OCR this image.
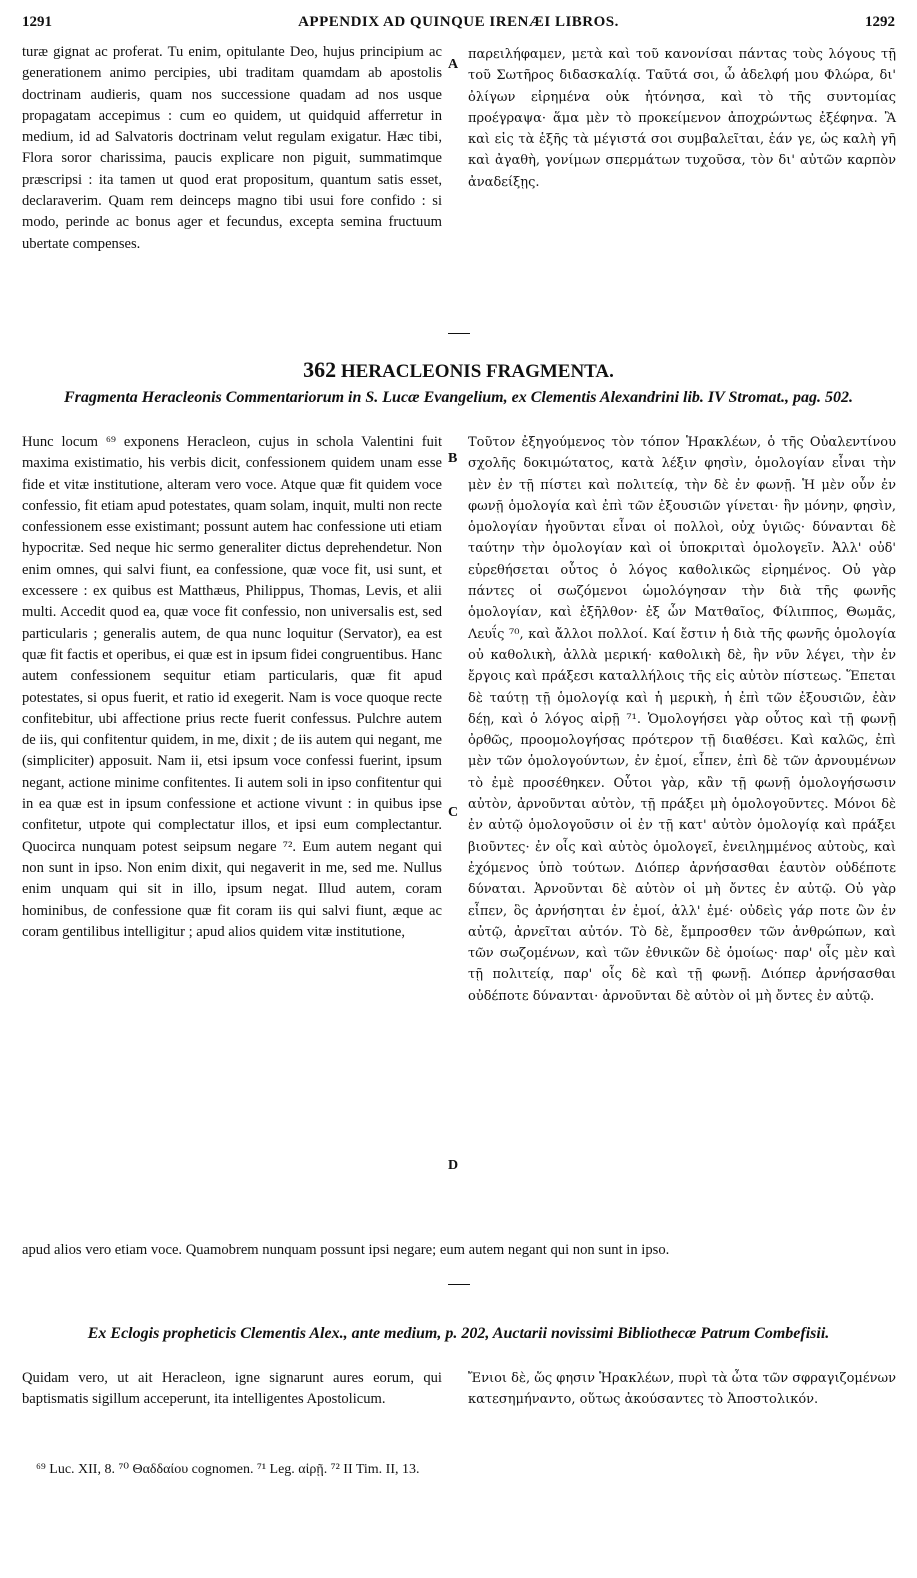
1291	APPENDIX AD QUINQUE IRENÆI LIBROS.	1292
turæ gignat ac proferat. Tu enim, opitulante Deo, hujus principium ac generationem animo percipies, ubi traditam quamdam ab apostolis doctrinam audieris, quam nos successione quadam ad nos usque propagatam accepimus : cum eo quidem, ut quidquid afferretur in medium, id ad Salvatoris doctrinam velut regulam exigatur. Hæc tibi, Flora soror charissima, paucis explicare non piguit, summatimque præscripsi : ita tamen ut quod erat propositum, quantum satis esset, declaraverim. Quam rem deinceps magno tibi usui fore confido : si modo, perinde ac bonus ager et fecundus, excepta semina fructuum ubertate compenses.
παρειλήφαμεν, μετὰ καὶ τοῦ κανονίσαι πάντας τοὺς λόγους τῇ τοῦ Σωτῆρος διδασκαλίᾳ. Ταῦτά σοι, ὦ ἀδελφή μου Φλώρα, δι' ὀλίγων εἰρημένα οὐκ ἠτόνησα, καὶ τὸ τῆς συντομίας προέγραψα· ἅμα μὲν τὸ προκείμενον ἀποχρώντως ἐξέφηνα. Ἃ καὶ εἰς τὰ ἑξῆς τὰ μέγιστά σοι συμβαλεῖται, ἐάν γε, ὡς καλὴ γῆ καὶ ἀγαθὴ, γονίμων σπερμάτων τυχοῦσα, τὸν δι' αὐτῶν καρπὸν ἀναδείξῃς.
A
362 HERACLEONIS FRAGMENTA.
Fragmenta Heracleonis Commentariorum in S. Lucæ Evangelium, ex Clementis Alexandrini lib. IV Stromat., pag. 502.
Hunc locum ⁶⁹ exponens Heracleon, cujus in schola Valentini fuit maxima existimatio, his verbis dicit, confessionem quidem unam esse fide et vitæ institutione, alteram vero voce. Atque quæ fit quidem voce confessio, fit etiam apud potestates, quam solam, inquit, multi non recte confessionem esse existimant; possunt autem hac confessione uti etiam hypocritæ. Sed neque hic sermo generaliter dictus deprehendetur. Non enim omnes, qui salvi fiunt, ea confessione, quæ voce fit, usi sunt, et excessere : ex quibus est Matthæus, Philippus, Thomas, Levis, et alii multi. Accedit quod ea, quæ voce fit confessio, non universalis est, sed particularis ; generalis autem, de qua nunc loquitur (Servator), ea est quæ fit factis et operibus, ei quæ est in ipsum fidei congruentibus. Hanc autem confessionem sequitur etiam particularis, quæ fit apud potestates, si opus fuerit, et ratio id exegerit. Nam is voce quoque recte confitebitur, ubi affectione prius recte fuerit confessus. Pulchre autem de iis, qui confitentur quidem, in me, dixit ; de iis autem qui negant, me (simpliciter) apposuit. Nam ii, etsi ipsum voce confessi fuerint, ipsum negant, actione minime confitentes. Ii autem soli in ipso confitentur qui in ea quæ est in ipsum confessione et actione vivunt : in quibus ipse confitetur, utpote qui complectatur illos, et ipsi eum complectantur. Quocirca nunquam potest seipsum negare ⁷². Eum autem negant qui non sunt in ipso. Non enim dixit, qui negaverit in me, sed me. Nullus enim unquam qui sit in illo, ipsum negat. Illud autem, coram hominibus, de confessione quæ fit coram iis qui salvi fiunt, æque ac coram gentilibus intelligitur ; apud alios quidem vitæ institutione,
Τοῦτον ἐξηγούμενος τὸν τόπον Ἡρακλέων, ὁ τῆς Οὐαλεντίνου σχολῆς δοκιμώτατος, κατὰ λέξιν φησὶν, ὁμολογίαν εἶναι τὴν μὲν ἐν τῇ πίστει καὶ πολιτείᾳ, τὴν δὲ ἐν φωνῇ. Ἡ μὲν οὖν ἐν φωνῇ ὁμολογία καὶ ἐπὶ τῶν ἐξουσιῶν γίνεται· ἣν μόνην, φησὶν, ὁμολογίαν ἡγοῦνται εἶναι οἱ πολλοὶ, οὐχ ὑγιῶς· δύνανται δὲ ταύτην τὴν ὁμολογίαν καὶ οἱ ὑποκριταὶ ὁμολογεῖν. Ἀλλ' οὐδ' εὑρεθήσεται οὗτος ὁ λόγος καθολικῶς εἰρημένος. Οὐ γὰρ πάντες οἱ σωζόμενοι ὡμολόγησαν τὴν διὰ τῆς φωνῆς ὁμολογίαν, καὶ ἐξῆλθον· ἐξ ὧν Ματθαῖος, Φίλιππος, Θωμᾶς, Λευΐς ⁷⁰, καὶ ἄλλοι πολλοί. Καί ἔστιν ἡ διὰ τῆς φωνῆς ὁμολογία οὐ καθολικὴ, ἀλλὰ μερική· καθολικὴ δὲ, ἣν νῦν λέγει, τὴν ἐν ἔργοις καὶ πράξεσι καταλλήλοις τῆς εἰς αὐτὸν πίστεως. Ἕπεται δὲ ταύτῃ τῇ ὁμολογίᾳ καὶ ἡ μερικὴ, ἡ ἐπὶ τῶν ἐξουσιῶν, ἐὰν δέῃ, καὶ ὁ λόγος αἱρῇ ⁷¹. Ὁμολογήσει γὰρ οὗτος καὶ τῇ φωνῇ ὀρθῶς, προομολογήσας πρότερον τῇ διαθέσει. Καὶ καλῶς, ἐπὶ μὲν τῶν ὁμολογούντων, ἐν ἐμοί, εἶπεν, ἐπὶ δὲ τῶν ἀρνουμένων τὸ ἐμὲ προσέθηκεν. Οὗτοι γὰρ, κἂν τῇ φωνῇ ὁμολογήσωσιν αὐτὸν, ἀρνοῦνται αὐτὸν, τῇ πράξει μὴ ὁμολογοῦντες. Μόνοι δὲ ἐν αὐτῷ ὁμολογοῦσιν οἱ ἐν τῇ κατ' αὐτὸν ὁμολογίᾳ καὶ πράξει βιοῦντες· ἐν οἷς καὶ αὐτὸς ὁμολογεῖ, ἐνειλημμένος αὐτοὺς, καὶ ἐχόμενος ὑπὸ τούτων. Διόπερ ἀρνήσασθαι ἑαυτὸν οὐδέποτε δύναται. Ἀρνοῦνται δὲ αὐτὸν οἱ μὴ ὄντες ἐν αὐτῷ. Οὐ γὰρ εἶπεν, ὃς ἀρνήσηται ἐν ἐμοί, ἀλλ' ἐμέ· οὐδεὶς γάρ ποτε ὢν ἐν αὐτῷ, ἀρνεῖται αὐτόν. Τὸ δὲ, ἔμπροσθεν τῶν ἀνθρώπων, καὶ τῶν σωζομένων, καὶ τῶν ἐθνικῶν δὲ ὁμοίως· παρ' οἷς μὲν καὶ τῇ πολιτείᾳ, παρ' οἷς δὲ καὶ τῇ φωνῇ. Διόπερ ἀρνήσασθαι οὐδέποτε δύνανται· ἀρνοῦνται δὲ αὐτὸν οἱ μὴ ὄντες ἐν αὐτῷ.
B
C
D
apud alios vero etiam voce. Quamobrem nunquam possunt ipsi negare; eum autem negant qui non sunt in ipso.
Ex Eclogis propheticis Clementis Alex., ante medium, p. 202, Auctarii novissimi Bibliothecæ Patrum Combefisii.
Quidam vero, ut ait Heracleon, igne signarunt aures eorum, qui baptismatis sigillum acceperunt, ita intelligentes Apostolicum.
Ἔνιοι δὲ, ὥς φησιν Ἡρακλέων, πυρὶ τὰ ὦτα τῶν σφραγιζομένων κατεσημήναντο, οὕτως ἀκούσαντες τὸ Ἀποστολικόν.
⁶⁹ Luc. XII, 8. ⁷⁰ Θαδδαίου cognomen. ⁷¹ Leg. αἱρῇ. ⁷² II Tim. II, 13.
